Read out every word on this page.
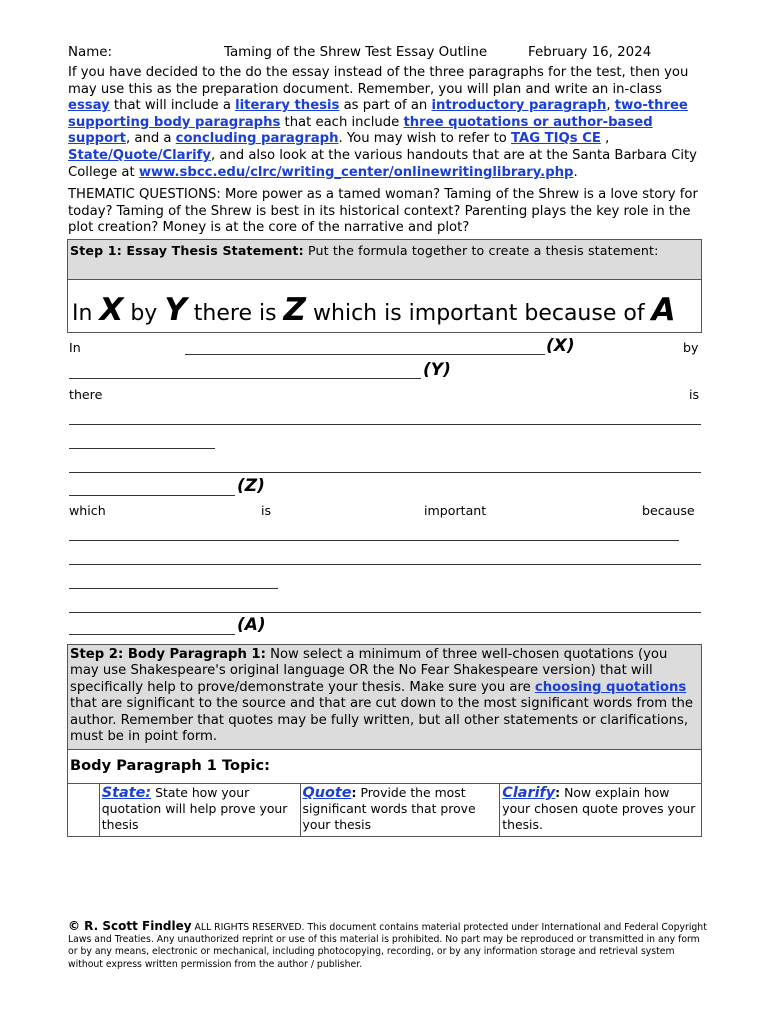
Name:	Taming of the Shrew Test Essay Outline	February 16, 2024

If you have decided to the do the essay instead of the three paragraphs for the test, then you may use this as the preparation document. Remember, you will plan and write an in-class essay that will include a literary thesis as part of an introductory paragraph, two-three supporting body paragraphs that each include three quotations or author-based support, and a concluding paragraph. You may wish to refer to TAG TIQs CE , State/Quote/Clarify, and also look at the various handouts that are at the Santa Barbara City College at www.sbcc.edu/clrc/writing_center/onlinewritinglibrary.php.

THEMATIC QUESTIONS: More power as a tamed woman? Taming of the Shrew is a love story for today? Taming of the Shrew is best in its historical context? Parenting plays the key role in the plot creation? Money is at the core of the narrative and plot?

Step 1: Essay Thesis Statement: Put the formula together to create a thesis statement:
In X by Y there is Z which is important because of A
In	(X)	by
(Y)
there	is
(Z)
which	is	important	because
(A)
Step 2: Body Paragraph 1: Now select a minimum of three well-chosen quotations (you may use Shakespeare's original language OR the No Fear Shakespeare version) that will specifically help to prove/demonstrate your thesis. Make sure you are choosing quotations that are significant to the source and that are cut down to the most significant words from the author. Remember that quotes may be fully written, but all other statements or clarifications, must be in point form.
Body Paragraph 1 Topic:
State: State how your quotation will help prove your thesis
Quote: Provide the most significant words that prove your thesis
Clarify: Now explain how your chosen quote proves your thesis.
© R. Scott Findley ALL RIGHTS RESERVED. This document contains material protected under International and Federal Copyright Laws and Treaties. Any unauthorized reprint or use of this material is prohibited. No part may be reproduced or transmitted in any form or by any means, electronic or mechanical, including photocopying, recording, or by any information storage and retrieval system without express written permission from the author / publisher.
